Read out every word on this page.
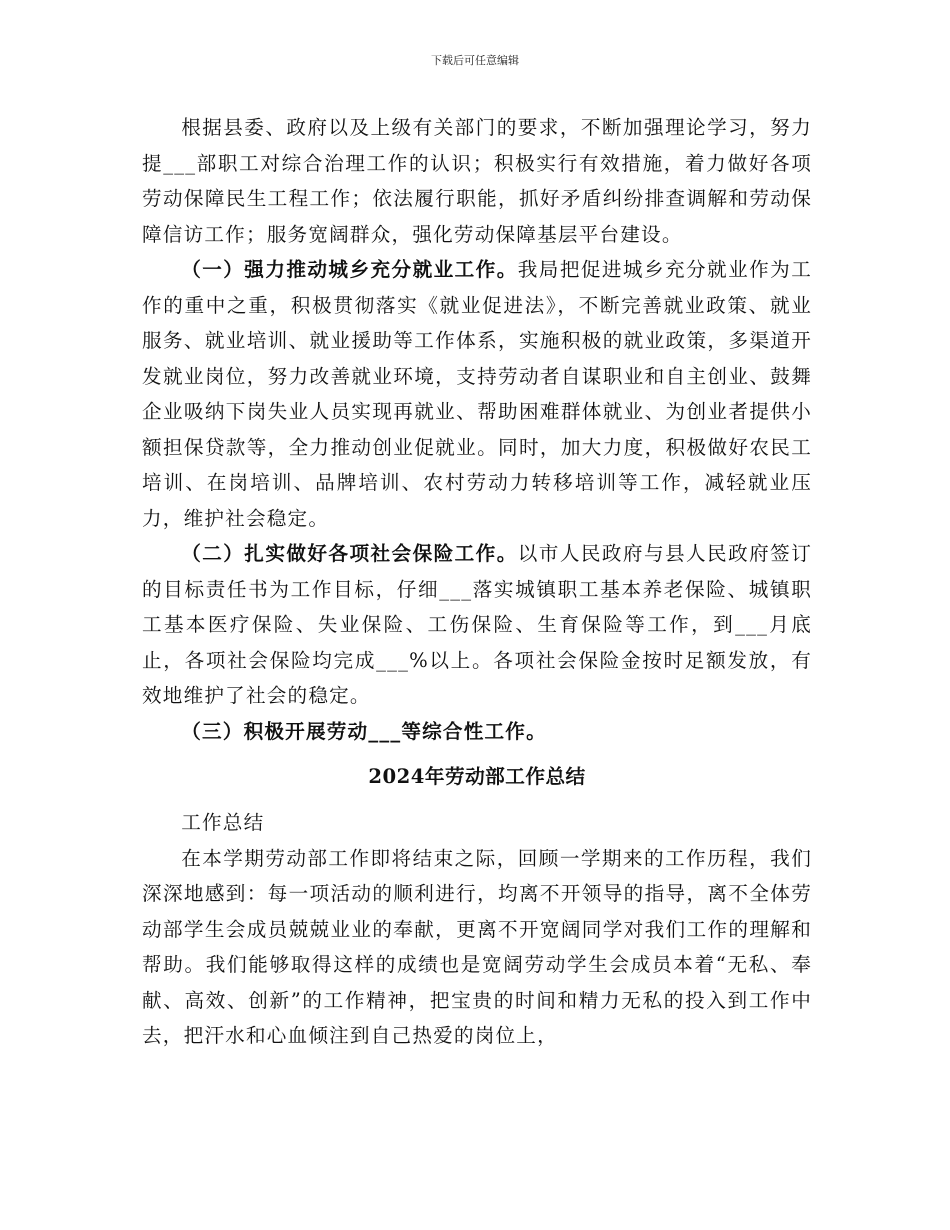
下载后可任意编辑

根据县委、政府以及上级有关部门的要求，不断加强理论学习，努力提___部职工对综合治理工作的认识；积极实行有效措施，着力做好各项劳动保障民生工程工作；依法履行职能，抓好矛盾纠纷排查调解和劳动保障信访工作；服务宽阔群众，强化劳动保障基层平台建设。

（一）强力推动城乡充分就业工作。我局把促进城乡充分就业作为工作的重中之重，积极贯彻落实《就业促进法》，不断完善就业政策、就业服务、就业培训、就业援助等工作体系，实施积极的就业政策，多渠道开发就业岗位，努力改善就业环境，支持劳动者自谋职业和自主创业、鼓舞企业吸纳下岗失业人员实现再就业、帮助困难群体就业、为创业者提供小额担保贷款等，全力推动创业促就业。同时，加大力度，积极做好农民工培训、在岗培训、品牌培训、农村劳动力转移培训等工作，减轻就业压力，维护社会稳定。

（二）扎实做好各项社会保险工作。以市人民政府与县人民政府签订的目标责任书为工作目标，仔细___落实城镇职工基本养老保险、城镇职工基本医疗保险、失业保险、工伤保险、生育保险等工作，到___月底止，各项社会保险均完成___%以上。各项社会保险金按时足额发放，有效地维护了社会的稳定。

（三）积极开展劳动___等综合性工作。

2024年劳动部工作总结

工作总结

在本学期劳动部工作即将结束之际，回顾一学期来的工作历程，我们深深地感到：每一项活动的顺利进行，均离不开领导的指导，离不全体劳动部学生会成员兢兢业业的奉献，更离不开宽阔同学对我们工作的理解和帮助。我们能够取得这样的成绩也是宽阔劳动学生会成员本着“无私、奉献、高效、创新”的工作精神，把宝贵的时间和精力无私的投入到工作中去，把汗水和心血倾注到自己热爱的岗位上，
